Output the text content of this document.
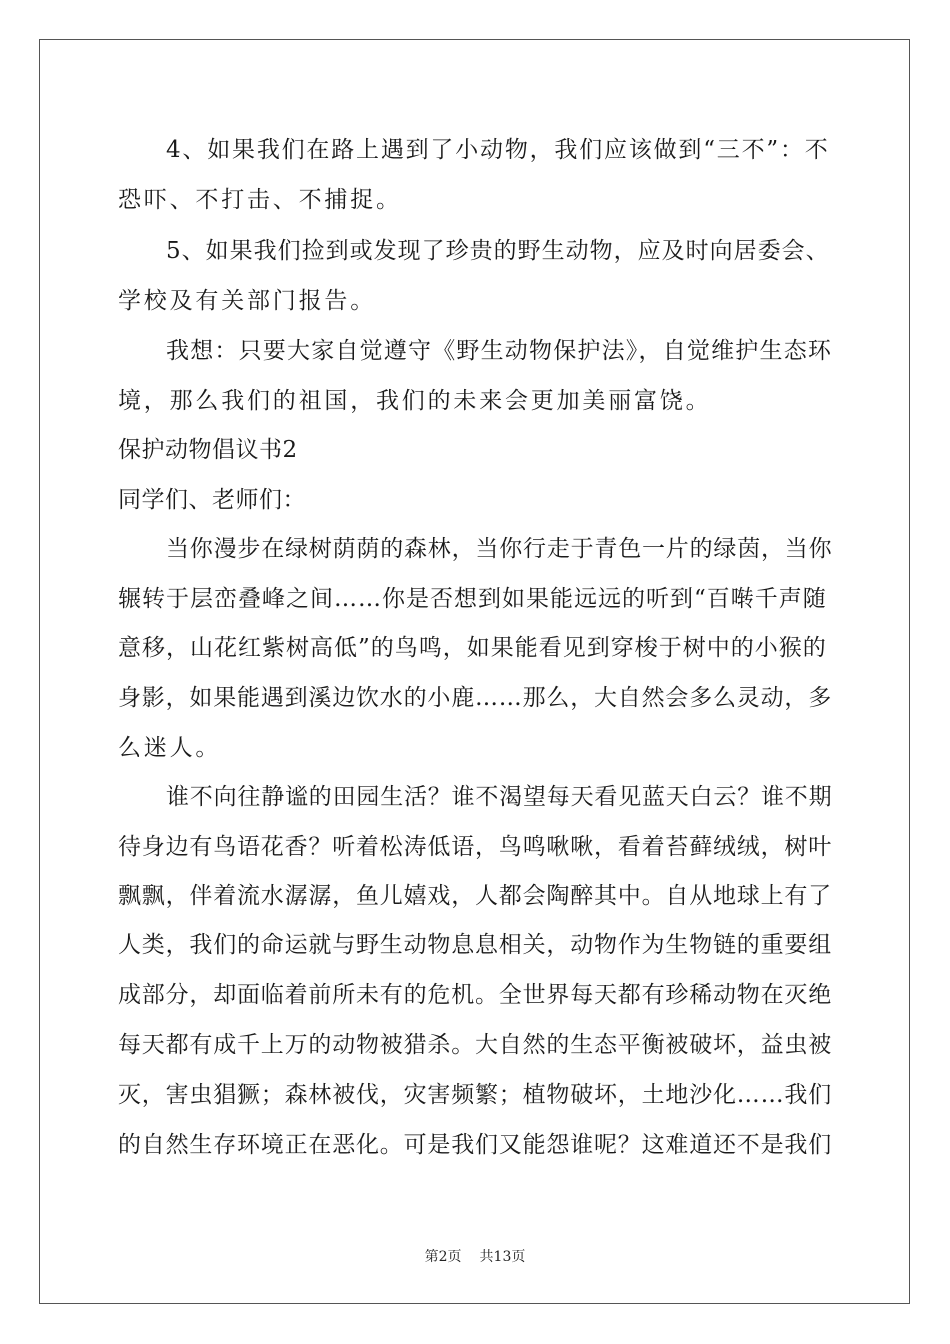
4、如果我们在路上遇到了小动物，我们应该做到“三不”：不
恐吓、不打击、不捕捉。
5、如果我们捡到或发现了珍贵的野生动物，应及时向居委会、
学校及有关部门报告。
我想：只要大家自觉遵守《野生动物保护法》，自觉维护生态环
境，那么我们的祖国，我们的未来会更加美丽富饶。
保护动物倡议书2
同学们、老师们：
当你漫步在绿树荫荫的森林，当你行走于青色一片的绿茵，当你
辗转于层峦叠峰之间……你是否想到如果能远远的听到“百啭千声随
意移，山花红紫树高低”的鸟鸣，如果能看见到穿梭于树中的小猴的
身影，如果能遇到溪边饮水的小鹿……那么，大自然会多么灵动，多
么迷人。
谁不向往静谧的田园生活？谁不渴望每天看见蓝天白云？谁不期
待身边有鸟语花香？听着松涛低语，鸟鸣啾啾，看着苔藓绒绒，树叶
飘飘，伴着流水潺潺，鱼儿嬉戏，人都会陶醉其中。自从地球上有了
人类，我们的命运就与野生动物息息相关，动物作为生物链的重要组
成部分，却面临着前所未有的危机。全世界每天都有珍稀动物在灭绝
每天都有成千上万的动物被猎杀。大自然的生态平衡被破坏，益虫被
灭，害虫猖獗；森林被伐，灾害频繁；植物破坏，土地沙化……我们
的自然生存环境正在恶化。可是我们又能怨谁呢？这难道还不是我们
第2页 共13页
